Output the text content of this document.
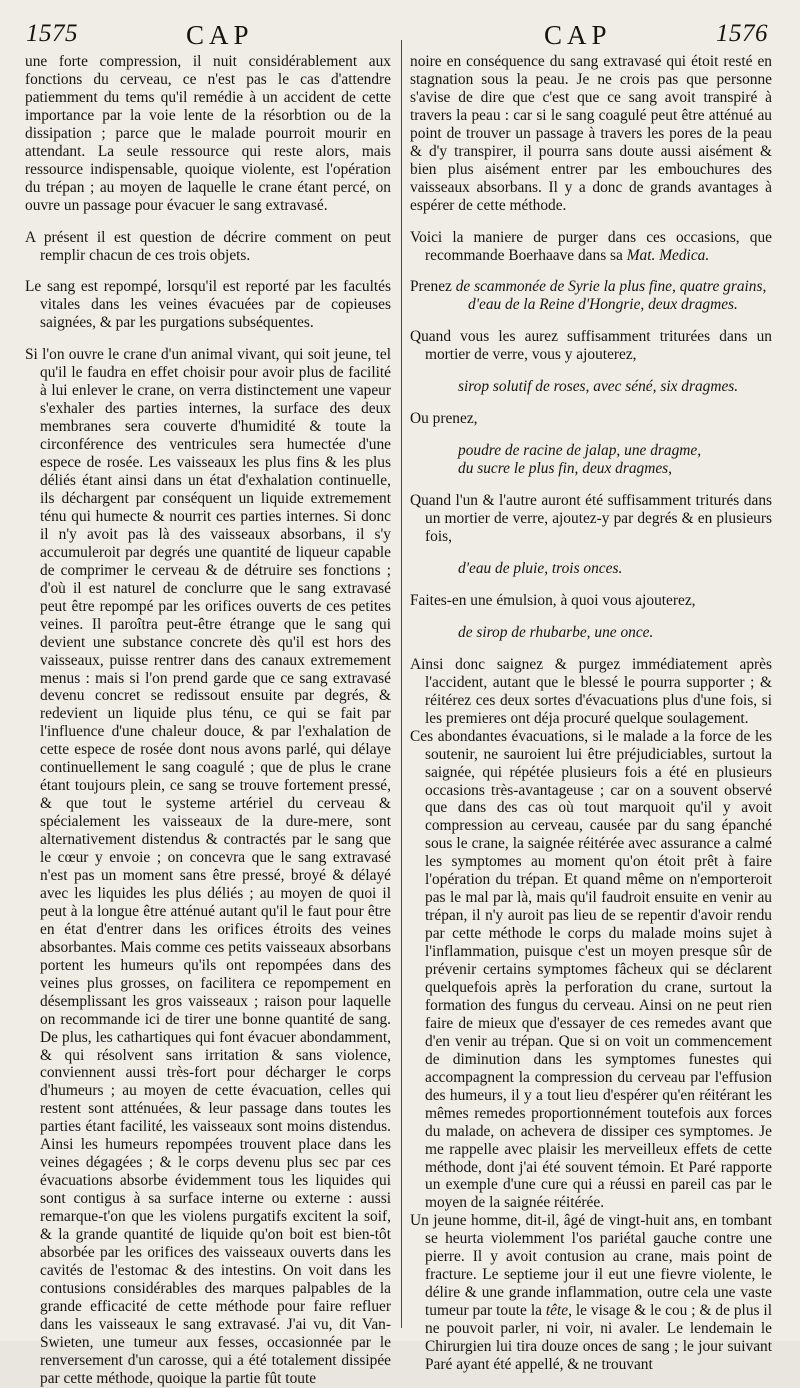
1575	CAP	CAP	1576

une forte compression, il nuit considérablement aux fonctions du cerveau, ce n'est pas le cas d'attendre patiemment du tems qu'il remédie à un accident de cette importance par la voie lente de la résorbtion ou de la dissipation ; parce que le malade pourroit mourir en attendant. La seule ressource qui reste alors, mais ressource indispensable, quoique violente, est l'opération du trépan ; au moyen de laquelle le crane étant percé, on ouvre un passage pour évacuer le sang extravasé.

A présent il est question de décrire comment on peut remplir chacun de ces trois objets.

Le sang est repompé, lorsqu'il est reporté par les facultés vitales dans les veines évacuées par de copieuses saignées, & par les purgations subséquentes.

Si l'on ouvre le crane d'un animal vivant, qui soit jeune, tel qu'il le faudra en effet choisir pour avoir plus de facilité à lui enlever le crane, on verra distinctement une vapeur s'exhaler des parties internes, la surface des deux membranes sera couverte d'humidité & toute la circonférence des ventricules sera humectée d'une espece de rosée. Les vaisseaux les plus fins & les plus déliés étant ainsi dans un état d'exhalation continuelle, ils déchargent par conséquent un liquide extremement ténu qui humecte & nourrit ces parties internes. Si donc il n'y avoit pas là des vaisseaux absorbans, il s'y accumuleroit par degrés une quantité de liqueur capable de comprimer le cerveau & de détruire ses fonctions ; d'où il est naturel de conclurre que le sang extravasé peut être repompé par les orifices ouverts de ces petites veines. Il paroîtra peut-être étrange que le sang qui devient une substance concrete dès qu'il est hors des vaisseaux, puisse rentrer dans des canaux extremement menus : mais si l'on prend garde que ce sang extravasé devenu concret se redissout ensuite par degrés, & redevient un liquide plus ténu, ce qui se fait par l'influence d'une chaleur douce, & par l'exhalation de cette espece de rosée dont nous avons parlé, qui délaye continuellement le sang coagulé ; que de plus le crane étant toujours plein, ce sang se trouve fortement pressé, & que tout le systeme artériel du cerveau & spécialement les vaisseaux de la dure-mere, sont alternativement distendus & contractés par le sang que le cœur y envoie ; on concevra que le sang extravasé n'est pas un moment sans être pressé, broyé & délayé avec les liquides les plus déliés ; au moyen de quoi il peut à la longue être atténué autant qu'il le faut pour être en état d'entrer dans les orifices étroits des veines absorbantes. Mais comme ces petits vaisseaux absorbans portent les humeurs qu'ils ont repompées dans des veines plus grosses, on facilitera ce repompement en désemplissant les gros vaisseaux ; raison pour laquelle on recommande ici de tirer une bonne quantité de sang. De plus, les cathartiques qui font évacuer abondamment, & qui résolvent sans irritation & sans violence, conviennent aussi très-fort pour décharger le corps d'humeurs ; au moyen de cette évacuation, celles qui restent sont atténuées, & leur passage dans toutes les parties étant facilité, les vaisseaux sont moins distendus. Ainsi les humeurs repompées trouvent place dans les veines dégagées ; & le corps devenu plus sec par ces évacuations absorbe évidemment tous les liquides qui sont contigus à sa surface interne ou externe : aussi remarque-t'on que les violens purgatifs excitent la soif, & la grande quantité de liquide qu'on boit est bien-tôt absorbée par les orifices des vaisseaux ouverts dans les cavités de l'estomac & des intestins. On voit dans les contusions considérables des marques palpables de la grande efficacité de cette méthode pour faire refluer dans les vaisseaux le sang extravasé. J'ai vu, dit Van-Swieten, une tumeur aux fesses, occasionnée par le renversement d'un carosse, qui a été totalement dissipée par cette méthode, quoique la partie fût toute

noire en conséquence du sang extravasé qui étoit resté en stagnation sous la peau. Je ne crois pas que personne s'avise de dire que c'est que ce sang avoit transpiré à travers la peau : car si le sang coagulé peut être atténué au point de trouver un passage à travers les pores de la peau & d'y transpirer, il pourra sans doute aussi aisément & bien plus aisément entrer par les embouchures des vaisseaux absorbans. Il y a donc de grands avantages à espérer de cette méthode.

Voici la maniere de purger dans ces occasions, que recommande Boerhaave dans sa Mat. Medica.

Prenez de scammonée de Syrie la plus fine, quatre grains,
d'eau de la Reine d'Hongrie, deux dragmes.

Quand vous les aurez suffisamment triturées dans un mortier de verre, vous y ajouterez,

sirop solutif de roses, avec séné, six dragmes.

Ou prenez,

poudre de racine de jalap, une dragme,
du sucre le plus fin, deux dragmes,

Quand l'un & l'autre auront été suffisamment triturés dans un mortier de verre, ajoutez-y par degrés & en plusieurs fois,

d'eau de pluie, trois onces.

Faites-en une émulsion, à quoi vous ajouterez,

de sirop de rhubarbe, une once.

Ainsi donc saignez & purgez immédiatement après l'accident, autant que le blessé le pourra supporter ; & réitérez ces deux sortes d'évacuations plus d'une fois, si les premieres ont déja procuré quelque soulagement.

Ces abondantes évacuations, si le malade a la force de les soutenir, ne sauroient lui être préjudiciables, surtout la saignée, qui répétée plusieurs fois a été en plusieurs occasions très-avantageuse ; car on a souvent observé que dans des cas où tout marquoit qu'il y avoit compression au cerveau, causée par du sang épanché sous le crane, la saignée réitérée avec assurance a calmé les symptomes au moment qu'on étoit prêt à faire l'opération du trépan. Et quand même on n'emporteroit pas le mal par là, mais qu'il faudroit ensuite en venir au trépan, il n'y auroit pas lieu de se repentir d'avoir rendu par cette méthode le corps du malade moins sujet à l'inflammation, puisque c'est un moyen presque sûr de prévenir certains symptomes fâcheux qui se déclarent quelquefois après la perforation du crane, surtout la formation des fungus du cerveau. Ainsi on ne peut rien faire de mieux que d'essayer de ces remedes avant que d'en venir au trépan. Que si on voit un commencement de diminution dans les symptomes funestes qui accompagnent la compression du cerveau par l'effusion des humeurs, il y a tout lieu d'espérer qu'en réitérant les mêmes remedes proportionnément toutefois aux forces du malade, on achevera de dissiper ces symptomes. Je me rappelle avec plaisir les merveilleux effets de cette méthode, dont j'ai été souvent témoin. Et Paré rapporte un exemple d'une cure qui a réussi en pareil cas par le moyen de la saignée réitérée.

Un jeune homme, dit-il, âgé de vingt-huit ans, en tombant se heurta violemment l'os pariétal gauche contre une pierre. Il y avoit contusion au crane, mais point de fracture. Le septieme jour il eut une fievre violente, le délire & une grande inflammation, outre cela une vaste tumeur par toute la tête, le visage & le cou ; & de plus il ne pouvoit parler, ni voir, ni avaler. Le lendemain le Chirurgien lui tira douze onces de sang ; le jour suivant Paré ayant été appellé, & ne trouvant
